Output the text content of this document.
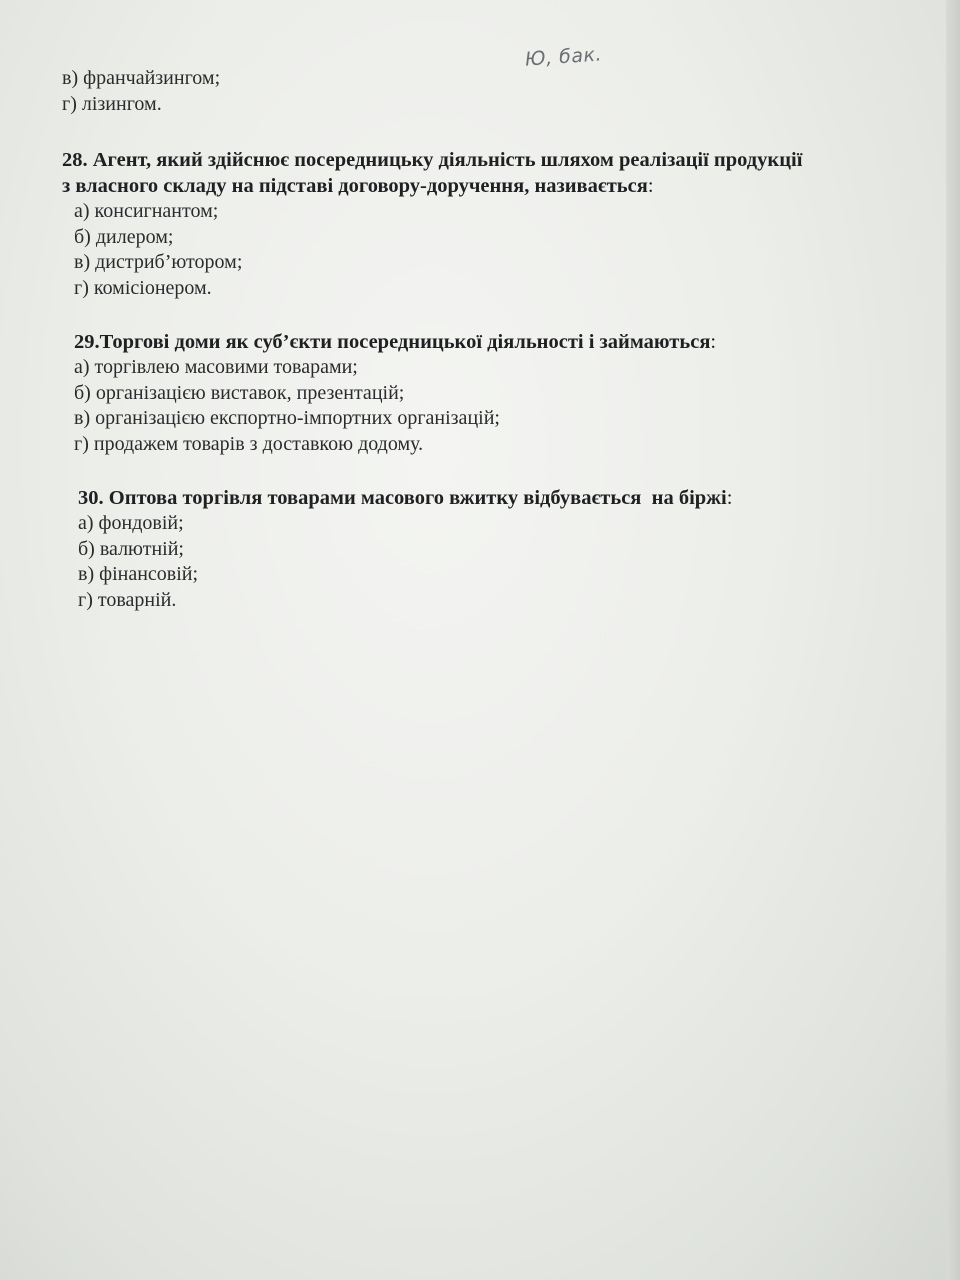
Ю, бак.
в) франчайзингом;
г) лізингом.
28. Агент, який здійснює посередницьку діяльність шляхом реалізації продукції
з власного складу на підставі договору-доручення, називається:
а) консигнантом;
б) дилером;
в) дистриб’ютором;
г) комісіонером.
29.Торгові доми як суб’єкти посередницької діяльності і займаються:
а) торгівлею масовими товарами;
б) організацією виставок, презентацій;
в) організацією експортно-імпортних організацій;
г) продажем товарів з доставкою додому.
30. Оптова торгівля товарами масового вжитку відбувається  на біржі:
а) фондовій;
б) валютній;
в) фінансовій;
г) товарній.
